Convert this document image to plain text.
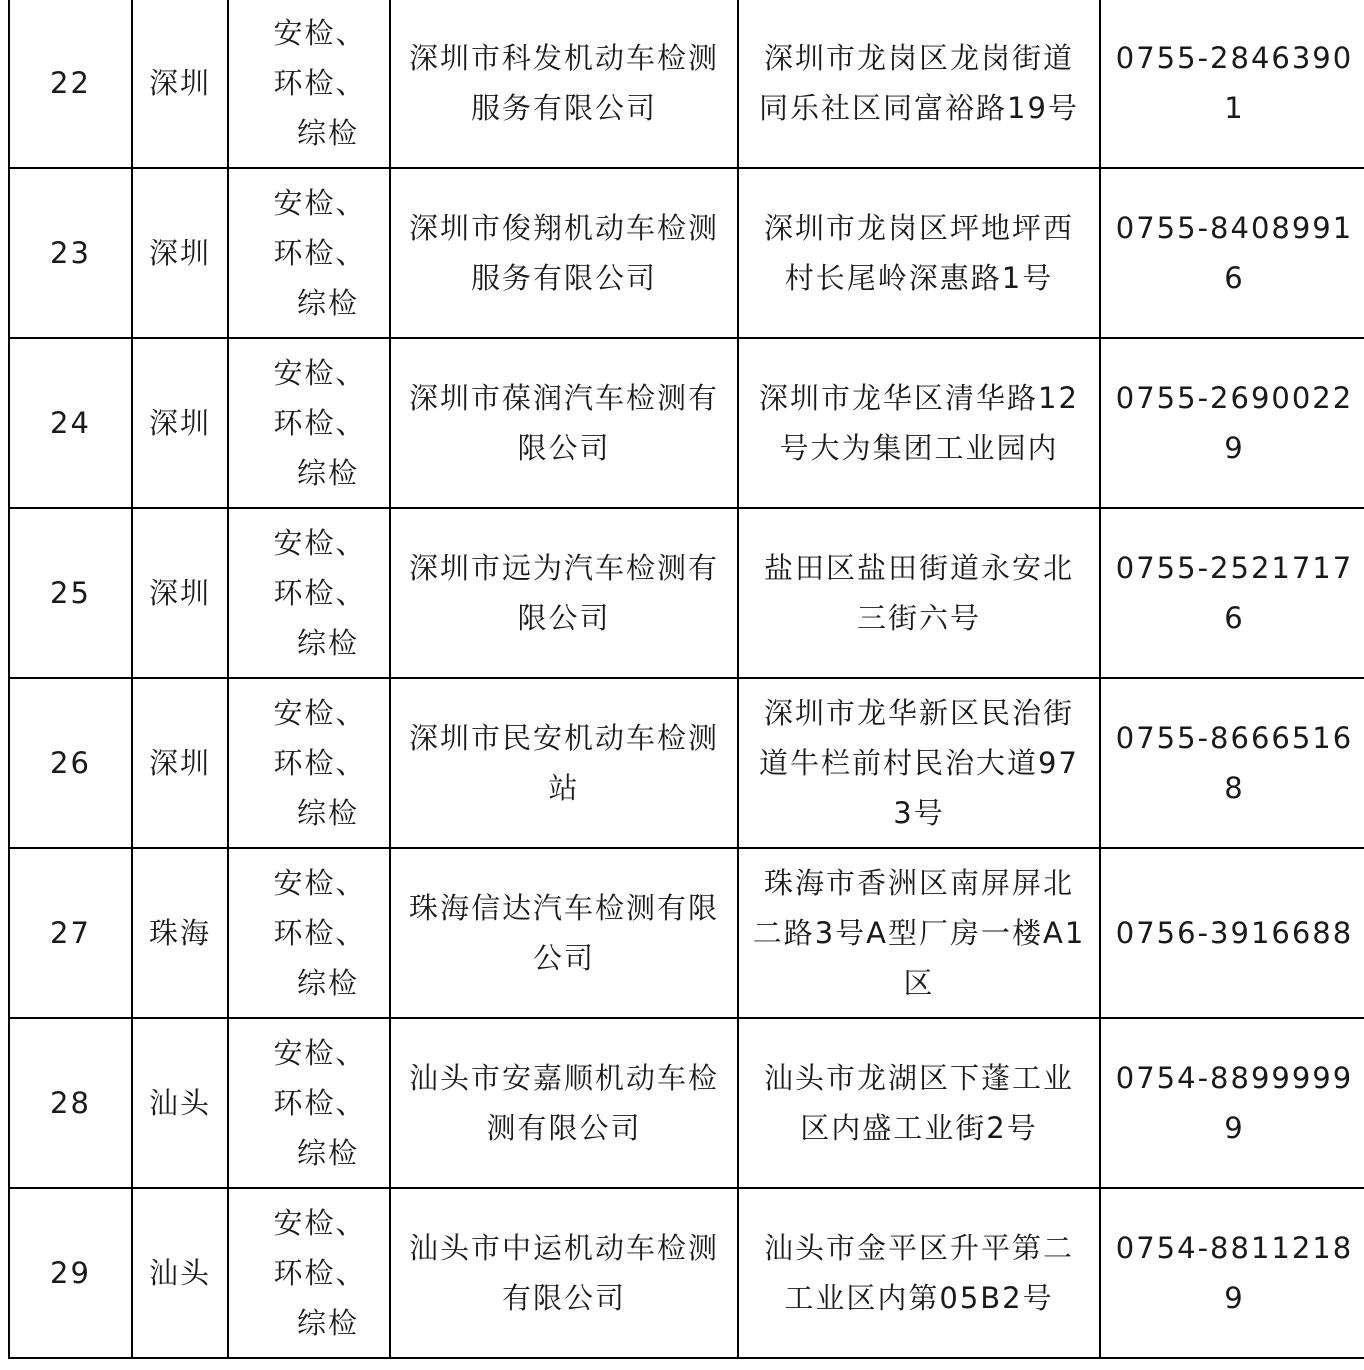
22	深圳	安检、
环检、
综检	深圳市科发机动车检测服务有限公司	深圳市龙岗区龙岗街道同乐社区同富裕路19号	0755-28463901
23	深圳	安检、
环检、
综检	深圳市俊翔机动车检测服务有限公司	深圳市龙岗区坪地坪西村长尾岭深惠路1号	0755-84089916
24	深圳	安检、
环检、
综检	深圳市葆润汽车检测有限公司	深圳市龙华区清华路12号大为集团工业园内	0755-26900229
25	深圳	安检、
环检、
综检	深圳市远为汽车检测有限公司	盐田区盐田街道永安北三街六号	0755-25217176
26	深圳	安检、
环检、
综检	深圳市民安机动车检测站	深圳市龙华新区民治街道牛栏前村民治大道973号	0755-86665168
27	珠海	安检、
环检、
综检	珠海信达汽车检测有限公司	珠海市香洲区南屏屏北二路3号A型厂房一楼A1区	0756-3916688
28	汕头	安检、
环检、
综检	汕头市安嘉顺机动车检测有限公司	汕头市龙湖区下蓬工业区内盛工业街2号	0754-88999999
29	汕头	安检、
环检、
综检	汕头市中运机动车检测有限公司	汕头市金平区升平第二工业区内第05B2号	0754-88112189
